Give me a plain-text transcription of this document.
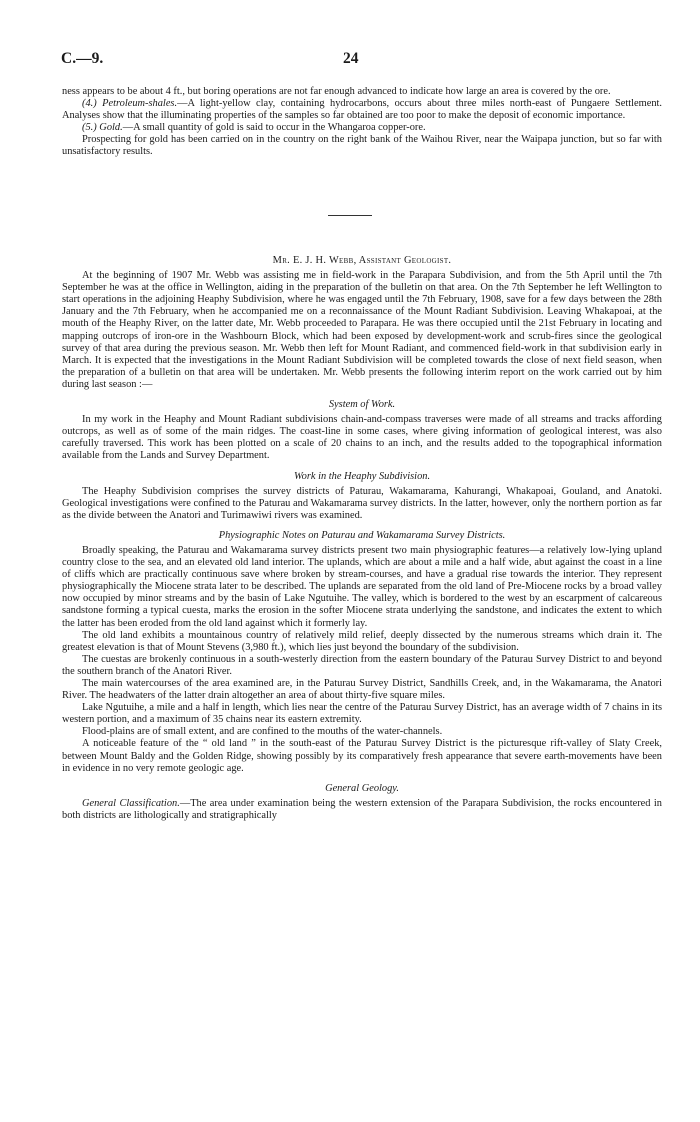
C.—9.	24

ness appears to be about 4 ft., but boring operations are not far enough advanced to indicate how large an area is covered by the ore.

(4.) Petroleum-shales.—A light-yellow clay, containing hydrocarbons, occurs about three miles north-east of Pungaere Settlement. Analyses show that the illuminating properties of the samples so far obtained are too poor to make the deposit of economic importance.

(5.) Gold.—A small quantity of gold is said to occur in the Whangaroa copper-ore.

Prospecting for gold has been carried on in the country on the right bank of the Waihou River, near the Waipapa junction, but so far with unsatisfactory results.

Mr. E. J. H. Webb, Assistant Geologist.

At the beginning of 1907 Mr. Webb was assisting me in field-work in the Parapara Subdivision, and from the 5th April until the 7th September he was at the office in Wellington, aiding in the preparation of the bulletin on that area. On the 7th September he left Wellington to start operations in the adjoining Heaphy Subdivision, where he was engaged until the 7th February, 1908, save for a few days between the 28th January and the 7th February, when he accompanied me on a reconnaissance of the Mount Radiant Subdivision. Leaving Whakapoai, at the mouth of the Heaphy River, on the latter date, Mr. Webb proceeded to Parapara. He was there occupied until the 21st February in locating and mapping outcrops of iron-ore in the Washbourn Block, which had been exposed by development-work and scrub-fires since the geological survey of that area during the previous season. Mr. Webb then left for Mount Radiant, and commenced field-work in that subdivision early in March. It is expected that the investigations in the Mount Radiant Subdivision will be completed towards the close of next field season, when the preparation of a bulletin on that area will be undertaken. Mr. Webb presents the following interim report on the work carried out by him during last season :—

System of Work.

In my work in the Heaphy and Mount Radiant subdivisions chain-and-compass traverses were made of all streams and tracks affording outcrops, as well as of some of the main ridges. The coast-line in some cases, where giving information of geological interest, was also carefully traversed. This work has been plotted on a scale of 20 chains to an inch, and the results added to the topographical information available from the Lands and Survey Department.

Work in the Heaphy Subdivision.

The Heaphy Subdivision comprises the survey districts of Paturau, Wakamarama, Kahurangi, Whakapoai, Gouland, and Anatoki. Geological investigations were confined to the Paturau and Wakamarama survey districts. In the latter, however, only the northern portion as far as the divide between the Anatori and Turimawiwi rivers was examined.

Physiographic Notes on Paturau and Wakamarama Survey Districts.

Broadly speaking, the Paturau and Wakamarama survey districts present two main physiographic features—a relatively low-lying upland country close to the sea, and an elevated old land interior. The uplands, which are about a mile and a half wide, abut against the coast in a line of cliffs which are practically continuous save where broken by stream-courses, and have a gradual rise towards the interior. They represent physiographically the Miocene strata later to be described. The uplands are separated from the old land of Pre-Miocene rocks by a broad valley now occupied by minor streams and by the basin of Lake Ngutuihe. The valley, which is bordered to the west by an escarpment of calcareous sandstone forming a typical cuesta, marks the erosion in the softer Miocene strata underlying the sandstone, and indicates the extent to which the latter has been eroded from the old land against which it formerly lay.

The old land exhibits a mountainous country of relatively mild relief, deeply dissected by the numerous streams which drain it. The greatest elevation is that of Mount Stevens (3,980 ft.), which lies just beyond the boundary of the subdivision.

The cuestas are brokenly continuous in a south-westerly direction from the eastern boundary of the Paturau Survey District to and beyond the southern branch of the Anatori River.

The main watercourses of the area examined are, in the Paturau Survey District, Sandhills Creek, and, in the Wakamarama, the Anatori River. The headwaters of the latter drain altogether an area of about thirty-five square miles.

Lake Ngutuihe, a mile and a half in length, which lies near the centre of the Paturau Survey District, has an average width of 7 chains in its western portion, and a maximum of 35 chains near its eastern extremity.

Flood-plains are of small extent, and are confined to the mouths of the water-channels.

A noticeable feature of the “ old land ” in the south-east of the Paturau Survey District is the picturesque rift-valley of Slaty Creek, between Mount Baldy and the Golden Ridge, showing possibly by its comparatively fresh appearance that severe earth-movements have been in evidence in no very remote geologic age.

General Geology.

General Classification.—The area under examination being the western extension of the Parapara Subdivision, the rocks encountered in both districts are lithologically and stratigraphically
